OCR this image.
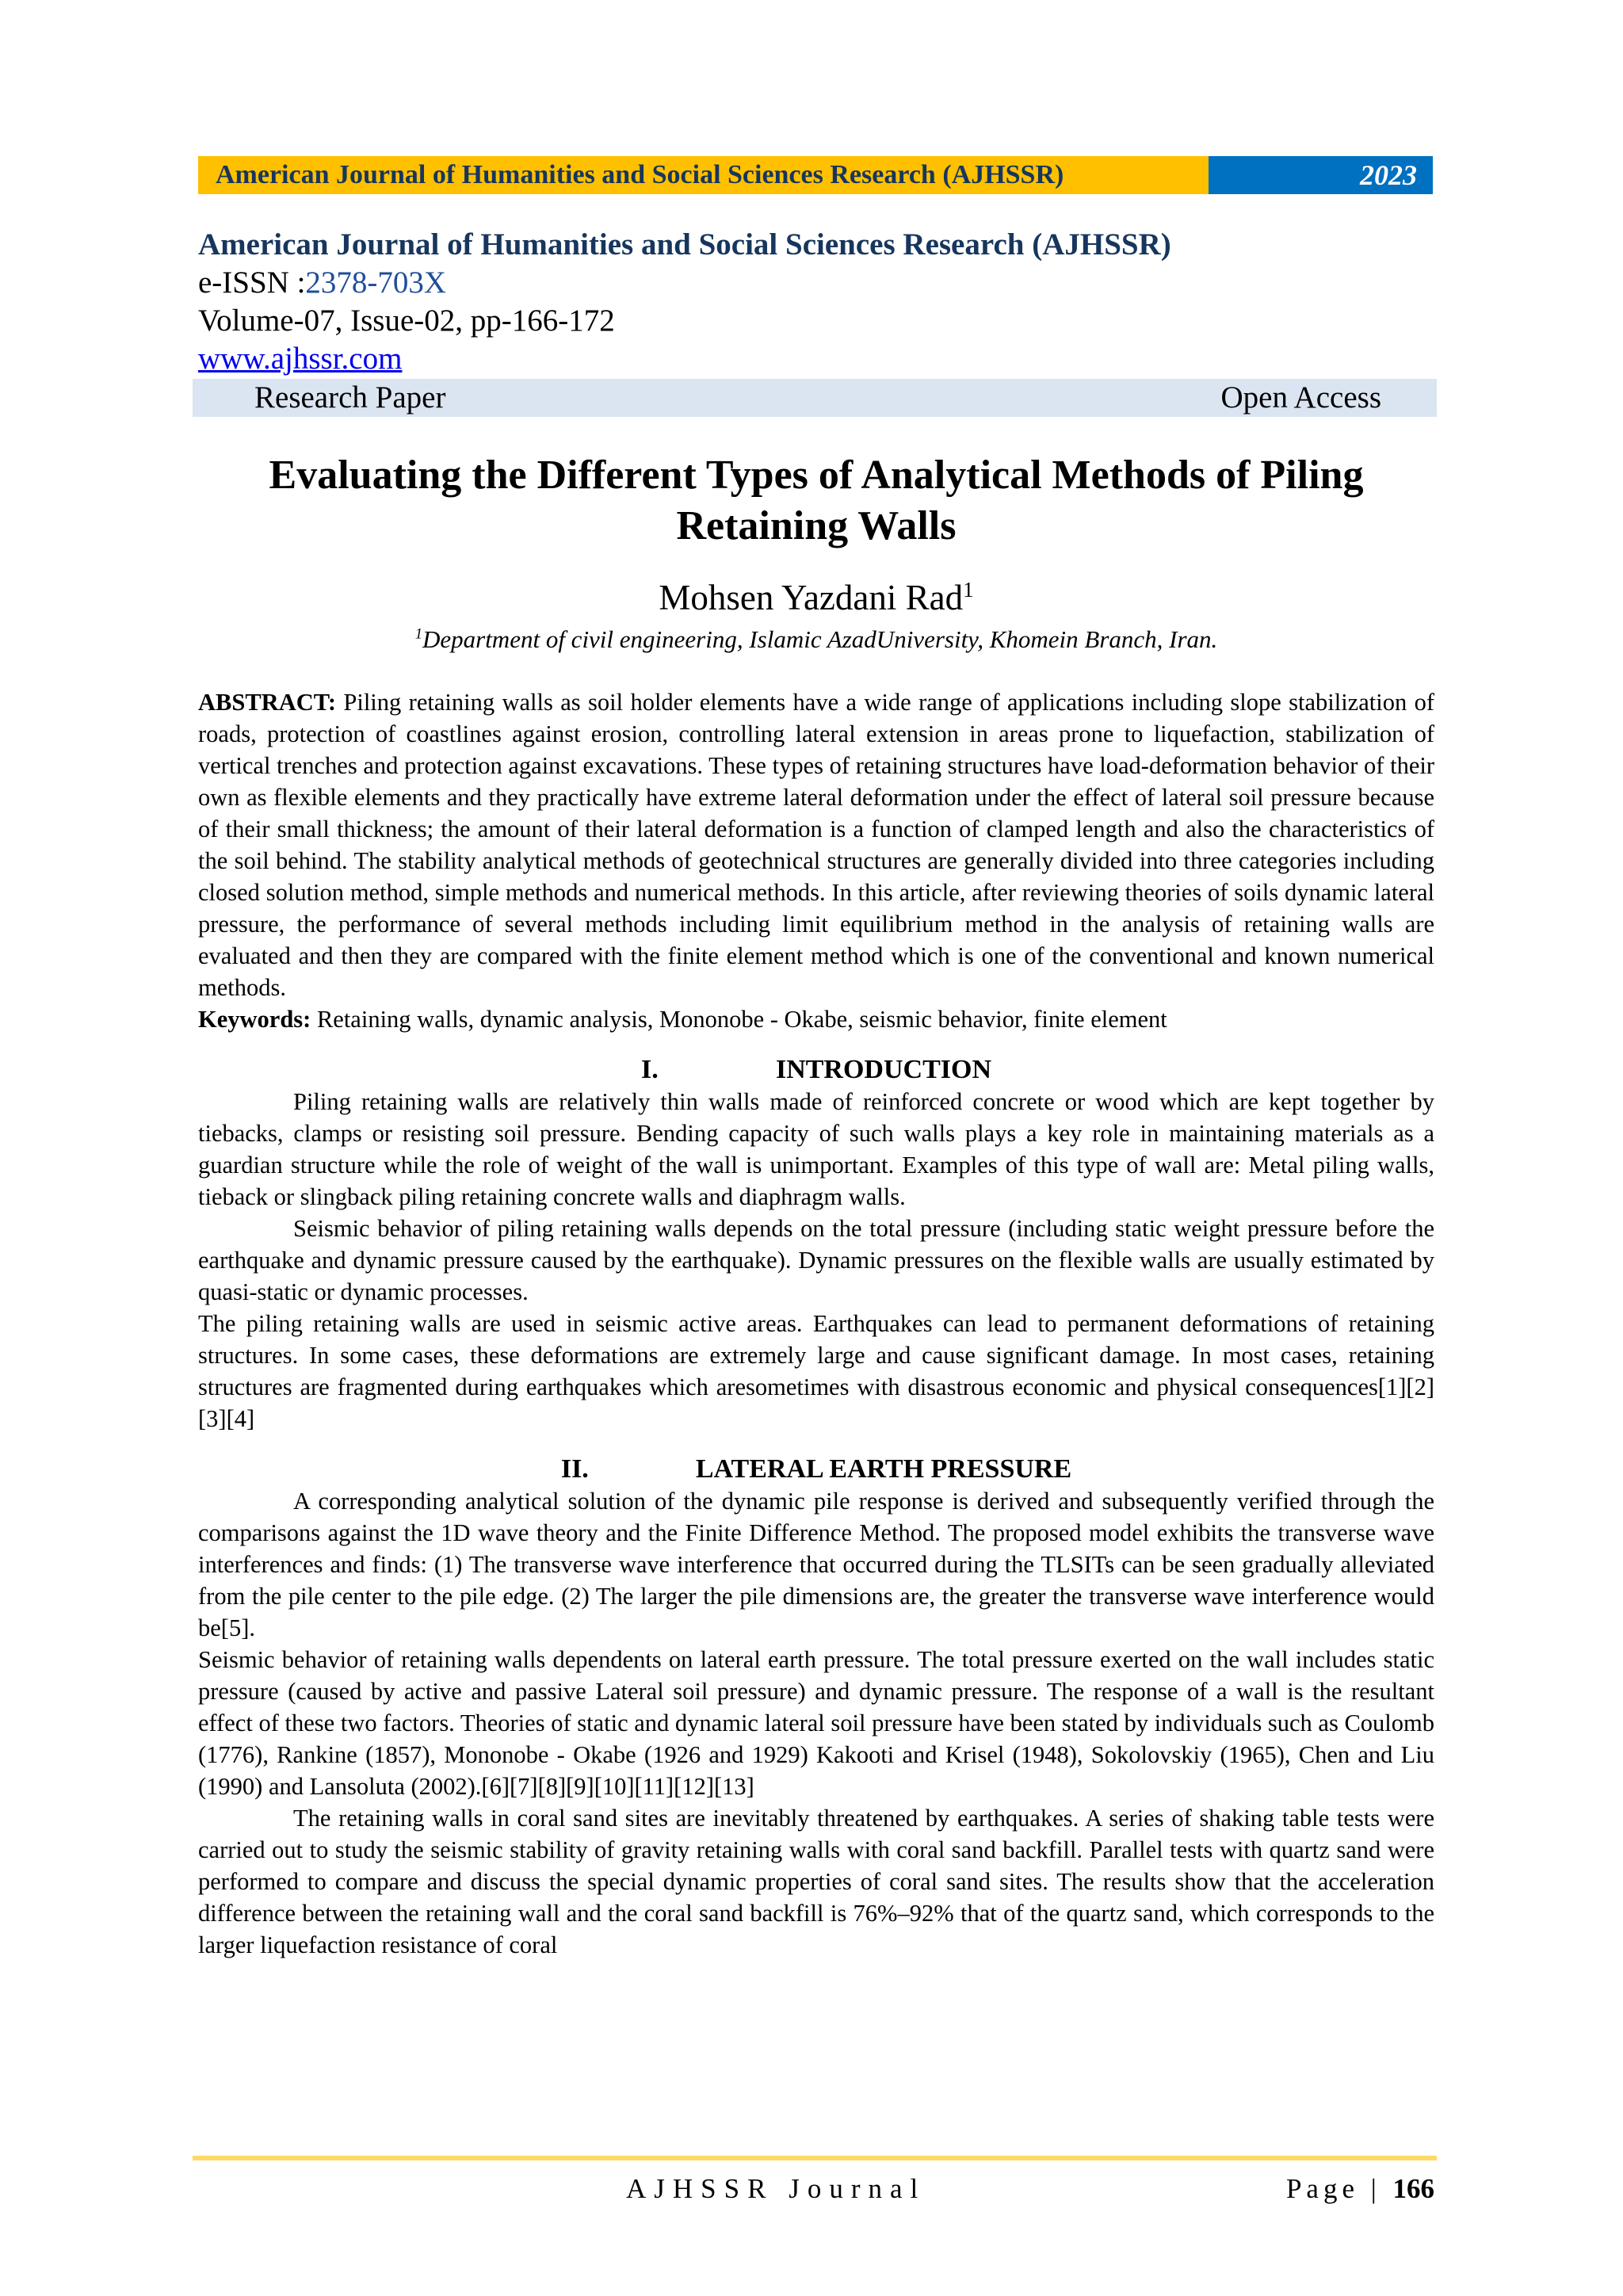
American Journal of Humanities and Social Sciences Research (AJHSSR)	2023
American Journal of Humanities and Social Sciences Research (AJHSSR)
e-ISSN :2378-703X
Volume-07, Issue-02, pp-166-172
www.ajhssr.com
Research Paper	Open Access
Evaluating the Different Types of Analytical Methods of Piling Retaining Walls
Mohsen Yazdani Rad$^1$
$^1$Department of civil engineering, Islamic AzadUniversity, Khomein Branch, Iran.

ABSTRACT: Piling retaining walls as soil holder elements have a wide range of applications including slope stabilization of roads, protection of coastlines against erosion, controlling lateral extension in areas prone to liquefaction, stabilization of vertical trenches and protection against excavations. These types of retaining structures have load-deformation behavior of their own as flexible elements and they practically have extreme lateral deformation under the effect of lateral soil pressure because of their small thickness; the amount of their lateral deformation is a function of clamped length and also the characteristics of the soil behind. The stability analytical methods of geotechnical structures are generally divided into three categories including closed solution method, simple methods and numerical methods. In this article, after reviewing theories of soils dynamic lateral pressure, the performance of several methods including limit equilibrium method in the analysis of retaining walls are evaluated and then they are compared with the finite element method which is one of the conventional and known numerical methods.

Keywords: Retaining walls, dynamic analysis, Mononobe - Okabe, seismic behavior, finite element

I.	INTRODUCTION

Piling retaining walls are relatively thin walls made of reinforced concrete or wood which are kept together by tiebacks, clamps or resisting soil pressure. Bending capacity of such walls plays a key role in maintaining materials as a guardian structure while the role of weight of the wall is unimportant. Examples of this type of wall are: Metal piling walls, tieback or slingback piling retaining concrete walls and diaphragm walls.

Seismic behavior of piling retaining walls depends on the total pressure (including static weight pressure before the earthquake and dynamic pressure caused by the earthquake). Dynamic pressures on the flexible walls are usually estimated by quasi-static or dynamic processes.

The piling retaining walls are used in seismic active areas. Earthquakes can lead to permanent deformations of retaining structures. In some cases, these deformations are extremely large and cause significant damage. In most cases, retaining structures are fragmented during earthquakes which aresometimes with disastrous economic and physical consequences[1][2][3][4]

II.	LATERAL EARTH PRESSURE

A corresponding analytical solution of the dynamic pile response is derived and subsequently verified through the comparisons against the 1D wave theory and the Finite Difference Method. The proposed model exhibits the transverse wave interferences and finds: (1) The transverse wave interference that occurred during the TLSITs can be seen gradually alleviated from the pile center to the pile edge. (2) The larger the pile dimensions are, the greater the transverse wave interference would be[5].

Seismic behavior of retaining walls dependents on lateral earth pressure. The total pressure exerted on the wall includes static pressure (caused by active and passive Lateral soil pressure) and dynamic pressure. The response of a wall is the resultant effect of these two factors. Theories of static and dynamic lateral soil pressure have been stated by individuals such as Coulomb (1776), Rankine (1857), Mononobe - Okabe (1926 and 1929) Kakooti and Krisel (1948), Sokolovskiy (1965), Chen and Liu (1990) and Lansoluta (2002).[6][7][8][9][10][11][12][13]

The retaining walls in coral sand sites are inevitably threatened by earthquakes. A series of shaking table tests were carried out to study the seismic stability of gravity retaining walls with coral sand backfill. Parallel tests with quartz sand were performed to compare and discuss the special dynamic properties of coral sand sites. The results show that the acceleration difference between the retaining wall and the coral sand backfill is 76%–92% that of the quartz sand, which corresponds to the larger liquefaction resistance of coral

AJHSSR Journal	Page | 166
